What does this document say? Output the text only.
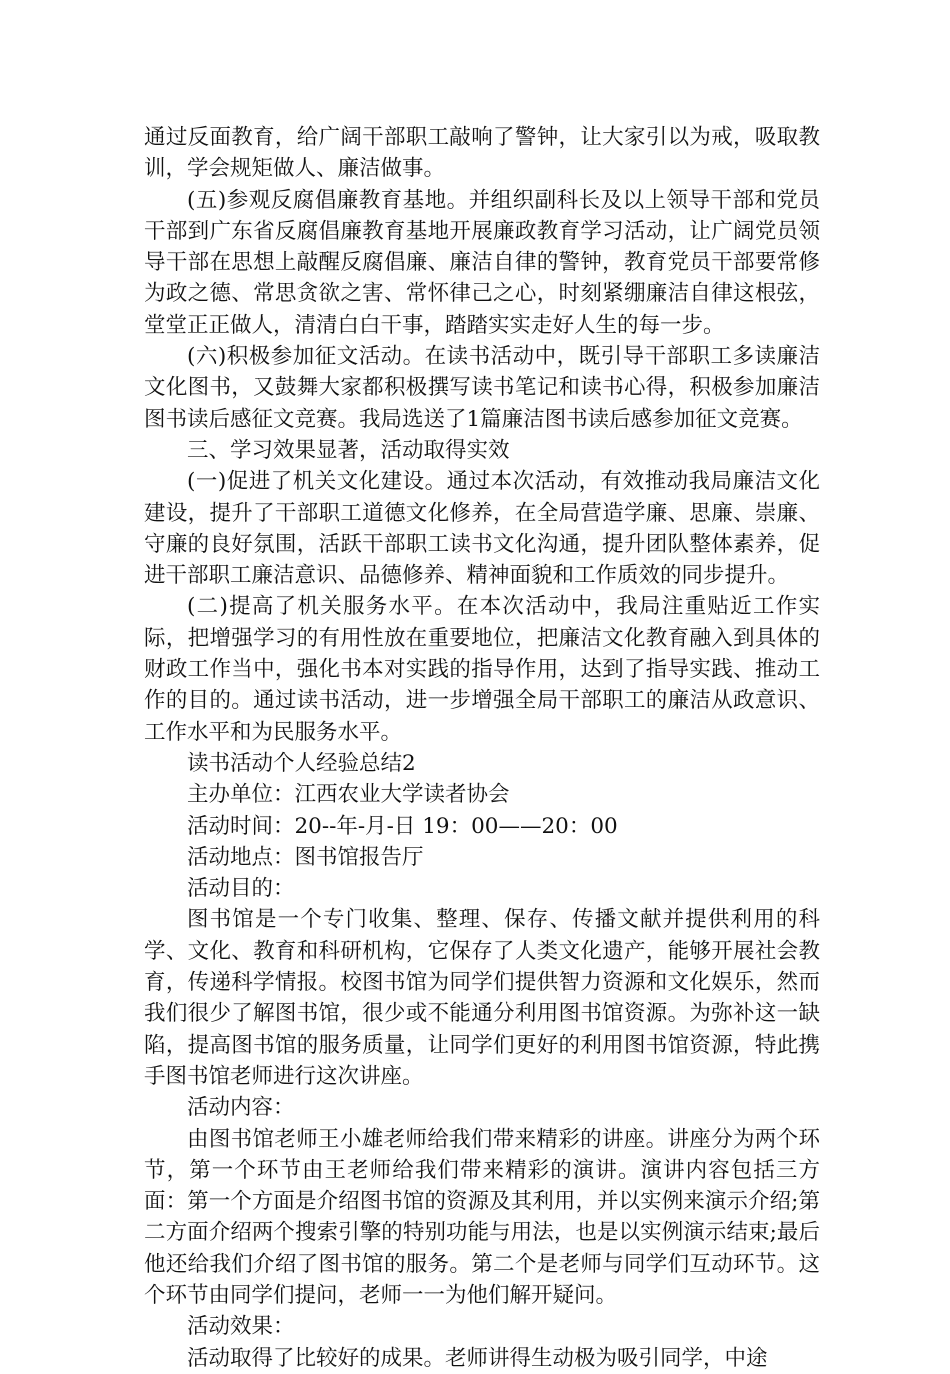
通过反面教育，给广阔干部职工敲响了警钟，让大家引以为戒，吸取教训，学会规矩做人、廉洁做事。

(五)参观反腐倡廉教育基地。并组织副科长及以上领导干部和党员干部到广东省反腐倡廉教育基地开展廉政教育学习活动，让广阔党员领导干部在思想上敲醒反腐倡廉、廉洁自律的警钟，教育党员干部要常修为政之德、常思贪欲之害、常怀律己之心，时刻紧绷廉洁自律这根弦，堂堂正正做人，清清白白干事，踏踏实实走好人生的每一步。

(六)积极参加征文活动。在读书活动中，既引导干部职工多读廉洁文化图书，又鼓舞大家都积极撰写读书笔记和读书心得，积极参加廉洁图书读后感征文竞赛。我局选送了1篇廉洁图书读后感参加征文竞赛。

三、学习效果显著，活动取得实效

(一)促进了机关文化建设。通过本次活动，有效推动我局廉洁文化建设，提升了干部职工道德文化修养，在全局营造学廉、思廉、崇廉、守廉的良好氛围，活跃干部职工读书文化沟通，提升团队整体素养，促进干部职工廉洁意识、品德修养、精神面貌和工作质效的同步提升。

(二)提高了机关服务水平。在本次活动中，我局注重贴近工作实际，把增强学习的有用性放在重要地位，把廉洁文化教育融入到具体的财政工作当中，强化书本对实践的指导作用，达到了指导实践、推动工作的目的。通过读书活动，进一步增强全局干部职工的廉洁从政意识、工作水平和为民服务水平。

读书活动个人经验总结2

主办单位：江西农业大学读者协会

活动时间：20--年-月-日 19：00——20：00

活动地点：图书馆报告厅

活动目的：

图书馆是一个专门收集、整理、保存、传播文献并提供利用的科学、文化、教育和科研机构，它保存了人类文化遗产，能够开展社会教育，传递科学情报。校图书馆为同学们提供智力资源和文化娱乐，然而我们很少了解图书馆，很少或不能通分利用图书馆资源。为弥补这一缺陷，提高图书馆的服务质量，让同学们更好的利用图书馆资源，特此携手图书馆老师进行这次讲座。

活动内容：

由图书馆老师王小雄老师给我们带来精彩的讲座。讲座分为两个环节，第一个环节由王老师给我们带来精彩的演讲。演讲内容包括三方面：第一个方面是介绍图书馆的资源及其利用，并以实例来演示介绍;第二方面介绍两个搜索引擎的特别功能与用法，也是以实例演示结束;最后他还给我们介绍了图书馆的服务。第二个是老师与同学们互动环节。这个环节由同学们提问，老师一一为他们解开疑问。

活动效果：

活动取得了比较好的成果。老师讲得生动极为吸引同学，中途
